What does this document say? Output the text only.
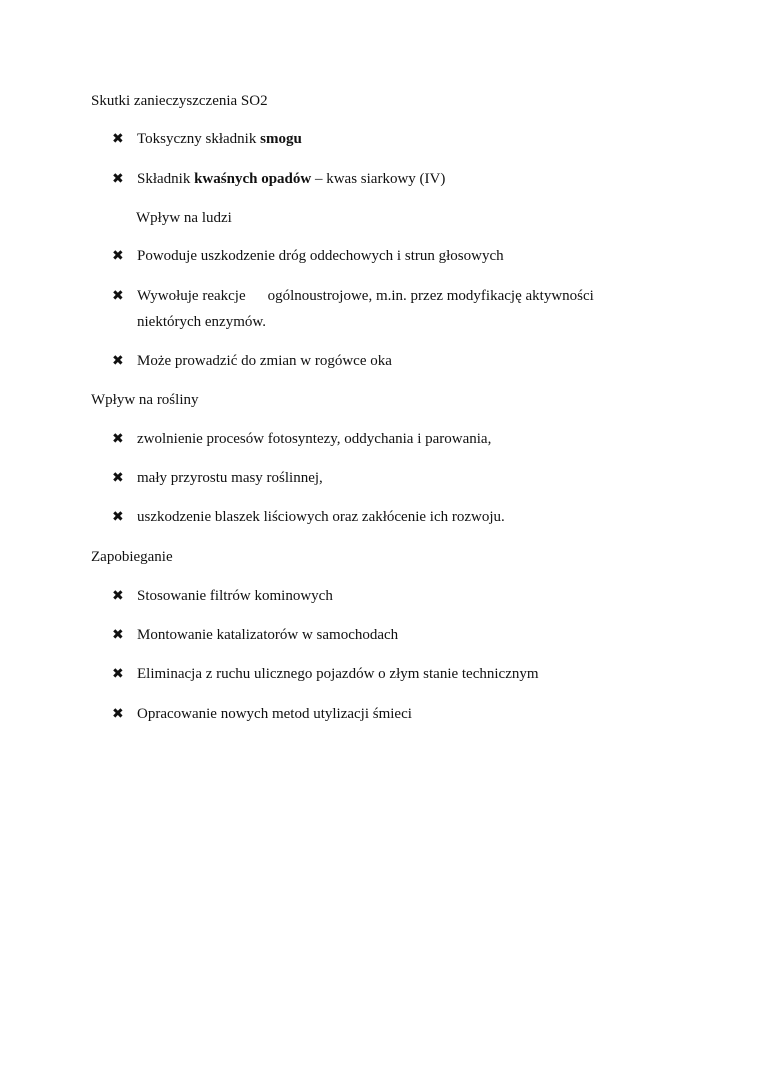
Skutki zanieczyszczenia SO2
✖ Toksyczny składnik smogu
✖ Składnik kwaśnych opadów – kwas siarkowy (IV)
Wpływ na ludzi
✖ Powoduje uszkodzenie dróg oddechowych i strun głosowych
✖ Wywołuje reakcje ogólnoustrojowe, m.in. przez modyfikację aktywności niektórych enzymów.
✖ Może prowadzić do zmian w rogówce oka
Wpływ na rośliny
✖ zwolnienie procesów fotosyntezy, oddychania i parowania,
✖ mały przyrostu masy roślinnej,
✖ uszkodzenie blaszek liściowych oraz zakłócenie ich rozwoju.
Zapobieganie
✖ Stosowanie filtrów kominowych
✖ Montowanie katalizatorów w samochodach
✖ Eliminacja z ruchu ulicznego pojazdów o złym stanie technicznym
✖ Opracowanie nowych metod utylizacji śmieci
